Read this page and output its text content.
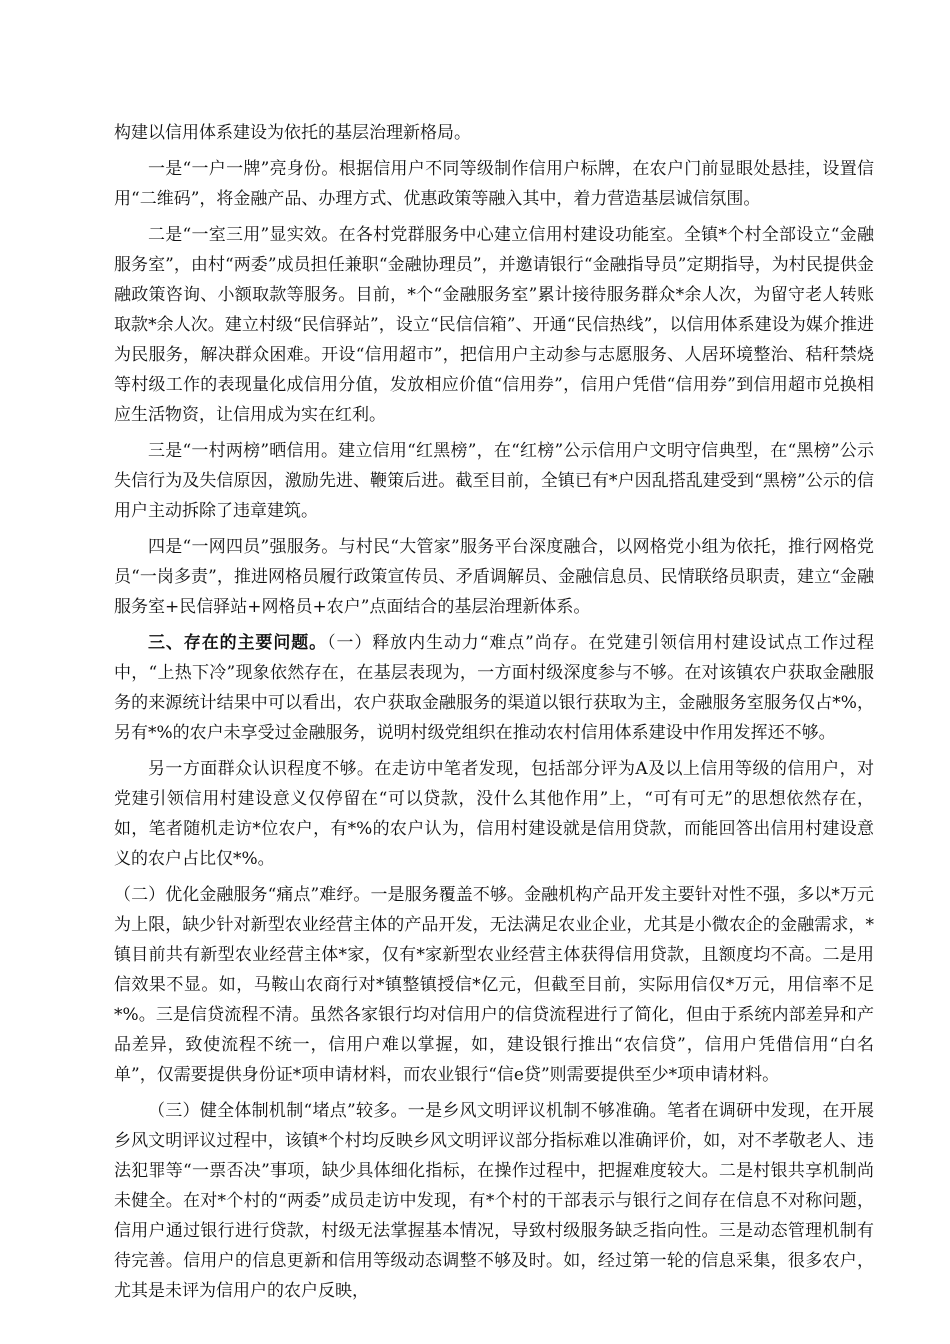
构建以信用体系建设为依托的基层治理新格局。

一是“一户一牌”亮身份。根据信用户不同等级制作信用户标牌，在农户门前显眼处悬挂，设置信用“二维码”，将金融产品、办理方式、优惠政策等融入其中，着力营造基层诚信氛围。

二是“一室三用”显实效。在各村党群服务中心建立信用村建设功能室。全镇*个村全部设立“金融服务室”，由村“两委”成员担任兼职“金融协理员”，并邀请银行“金融指导员”定期指导，为村民提供金融政策咨询、小额取款等服务。目前，*个“金融服务室”累计接待服务群众*余人次，为留守老人转账取款*余人次。建立村级“民信驿站”，设立“民信信箱”、开通“民信热线”，以信用体系建设为媒介推进为民服务，解决群众困难。开设“信用超市”，把信用户主动参与志愿服务、人居环境整治、秸秆禁烧等村级工作的表现量化成信用分值，发放相应价值“信用券”，信用户凭借“信用券”到信用超市兑换相应生活物资，让信用成为实在红利。

三是“一村两榜”晒信用。建立信用“红黑榜”，在“红榜”公示信用户文明守信典型，在“黑榜”公示失信行为及失信原因，激励先进、鞭策后进。截至目前，全镇已有*户因乱搭乱建受到“黑榜”公示的信用户主动拆除了违章建筑。

四是“一网四员”强服务。与村民“大管家”服务平台深度融合，以网格党小组为依托，推行网格党员“一岗多责”，推进网格员履行政策宣传员、矛盾调解员、金融信息员、民情联络员职责，建立“金融服务室+民信驿站+网格员+农户”点面结合的基层治理新体系。

三、存在的主要问题。（一）释放内生动力“难点”尚存。在党建引领信用村建设试点工作过程中，“上热下冷”现象依然存在，在基层表现为，一方面村级深度参与不够。在对该镇农户获取金融服务的来源统计结果中可以看出，农户获取金融服务的渠道以银行获取为主，金融服务室服务仅占*%，另有*%的农户未享受过金融服务，说明村级党组织在推动农村信用体系建设中作用发挥还不够。

另一方面群众认识程度不够。在走访中笔者发现，包括部分评为A及以上信用等级的信用户，对党建引领信用村建设意义仅停留在“可以贷款，没什么其他作用”上，“可有可无”的思想依然存在，如，笔者随机走访*位农户，有*%的农户认为，信用村建设就是信用贷款，而能回答出信用村建设意义的农户占比仅*%。

（二）优化金融服务“痛点”难纾。一是服务覆盖不够。金融机构产品开发主要针对性不强，多以*万元为上限，缺少针对新型农业经营主体的产品开发，无法满足农业企业，尤其是小微农企的金融需求，*镇目前共有新型农业经营主体*家，仅有*家新型农业经营主体获得信用贷款，且额度均不高。二是用信效果不显。如，马鞍山农商行对*镇整镇授信*亿元，但截至目前，实际用信仅*万元，用信率不足*%。三是信贷流程不清。虽然各家银行均对信用户的信贷流程进行了简化，但由于系统内部差异和产品差异，致使流程不统一，信用户难以掌握，如，建设银行推出“农信贷”，信用户凭借信用“白名单”，仅需要提供身份证*项申请材料，而农业银行“信e贷”则需要提供至少*项申请材料。

（三）健全体制机制“堵点”较多。一是乡风文明评议机制不够准确。笔者在调研中发现，在开展乡风文明评议过程中，该镇*个村均反映乡风文明评议部分指标难以准确评价，如，对不孝敬老人、违法犯罪等“一票否决”事项，缺少具体细化指标，在操作过程中，把握难度较大。二是村银共享机制尚未健全。在对*个村的“两委”成员走访中发现，有*个村的干部表示与银行之间存在信息不对称问题，信用户通过银行进行贷款，村级无法掌握基本情况，导致村级服务缺乏指向性。三是动态管理机制有待完善。信用户的信息更新和信用等级动态调整不够及时。如，经过第一轮的信息采集，很多农户，尤其是未评为信用户的农户反映，
